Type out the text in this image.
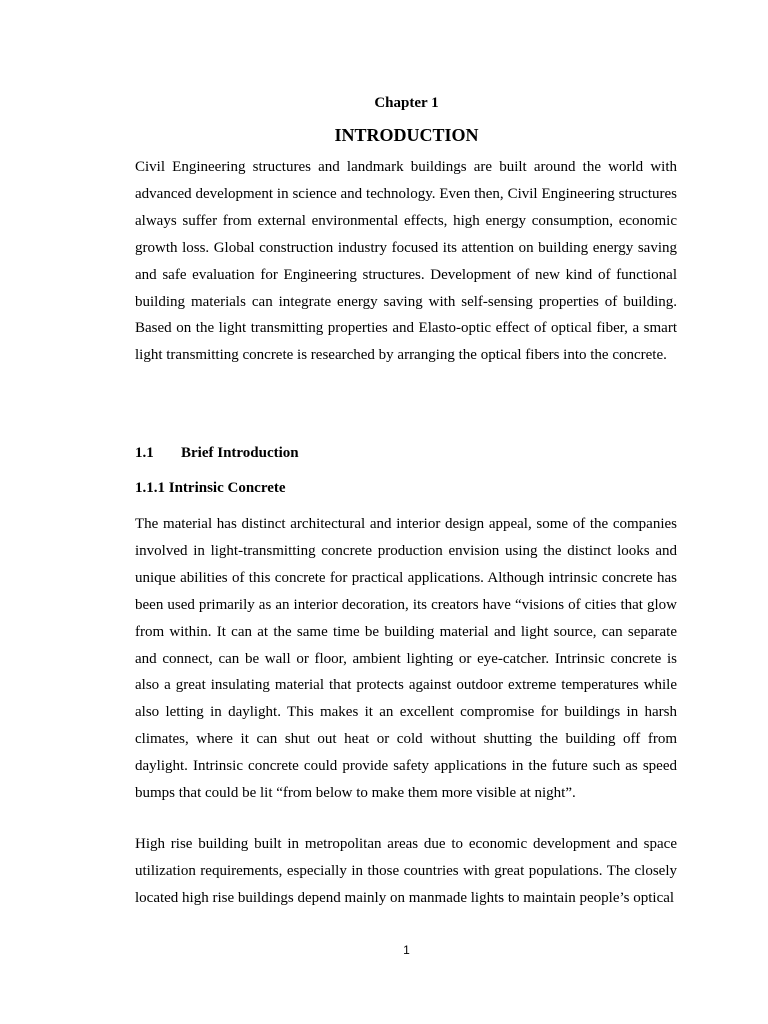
Chapter 1
INTRODUCTION

Civil Engineering structures and landmark buildings are built around the world with advanced development in science and technology. Even then, Civil Engineering structures always suffer from external environmental effects, high energy consumption, economic growth loss. Global construction industry focused its attention on building energy saving and safe evaluation for Engineering structures. Development of new kind of functional building materials can integrate energy saving with self-sensing properties of building. Based on the light transmitting properties and Elasto-optic effect of optical fiber, a smart light transmitting concrete is researched by arranging the optical fibers into the concrete.

1.1 Brief Introduction
1.1.1 Intrinsic Concrete

The material has distinct architectural and interior design appeal, some of the companies involved in light-transmitting concrete production envision using the distinct looks and unique abilities of this concrete for practical applications. Although intrinsic concrete has been used primarily as an interior decoration, its creators have “visions of cities that glow from within. It can at the same time be building material and light source, can separate and connect, can be wall or floor, ambient lighting or eye-catcher. Intrinsic concrete is also a great insulating material that protects against outdoor extreme temperatures while also letting in daylight. This makes it an excellent compromise for buildings in harsh climates, where it can shut out heat or cold without shutting the building off from daylight. Intrinsic concrete could provide safety applications in the future such as speed bumps that could be lit “from below to make them more visible at night”.

High rise building built in metropolitan areas due to economic development and space utilization requirements, especially in those countries with great populations. The closely located high rise buildings depend mainly on manmade lights to maintain people’s optical

1
